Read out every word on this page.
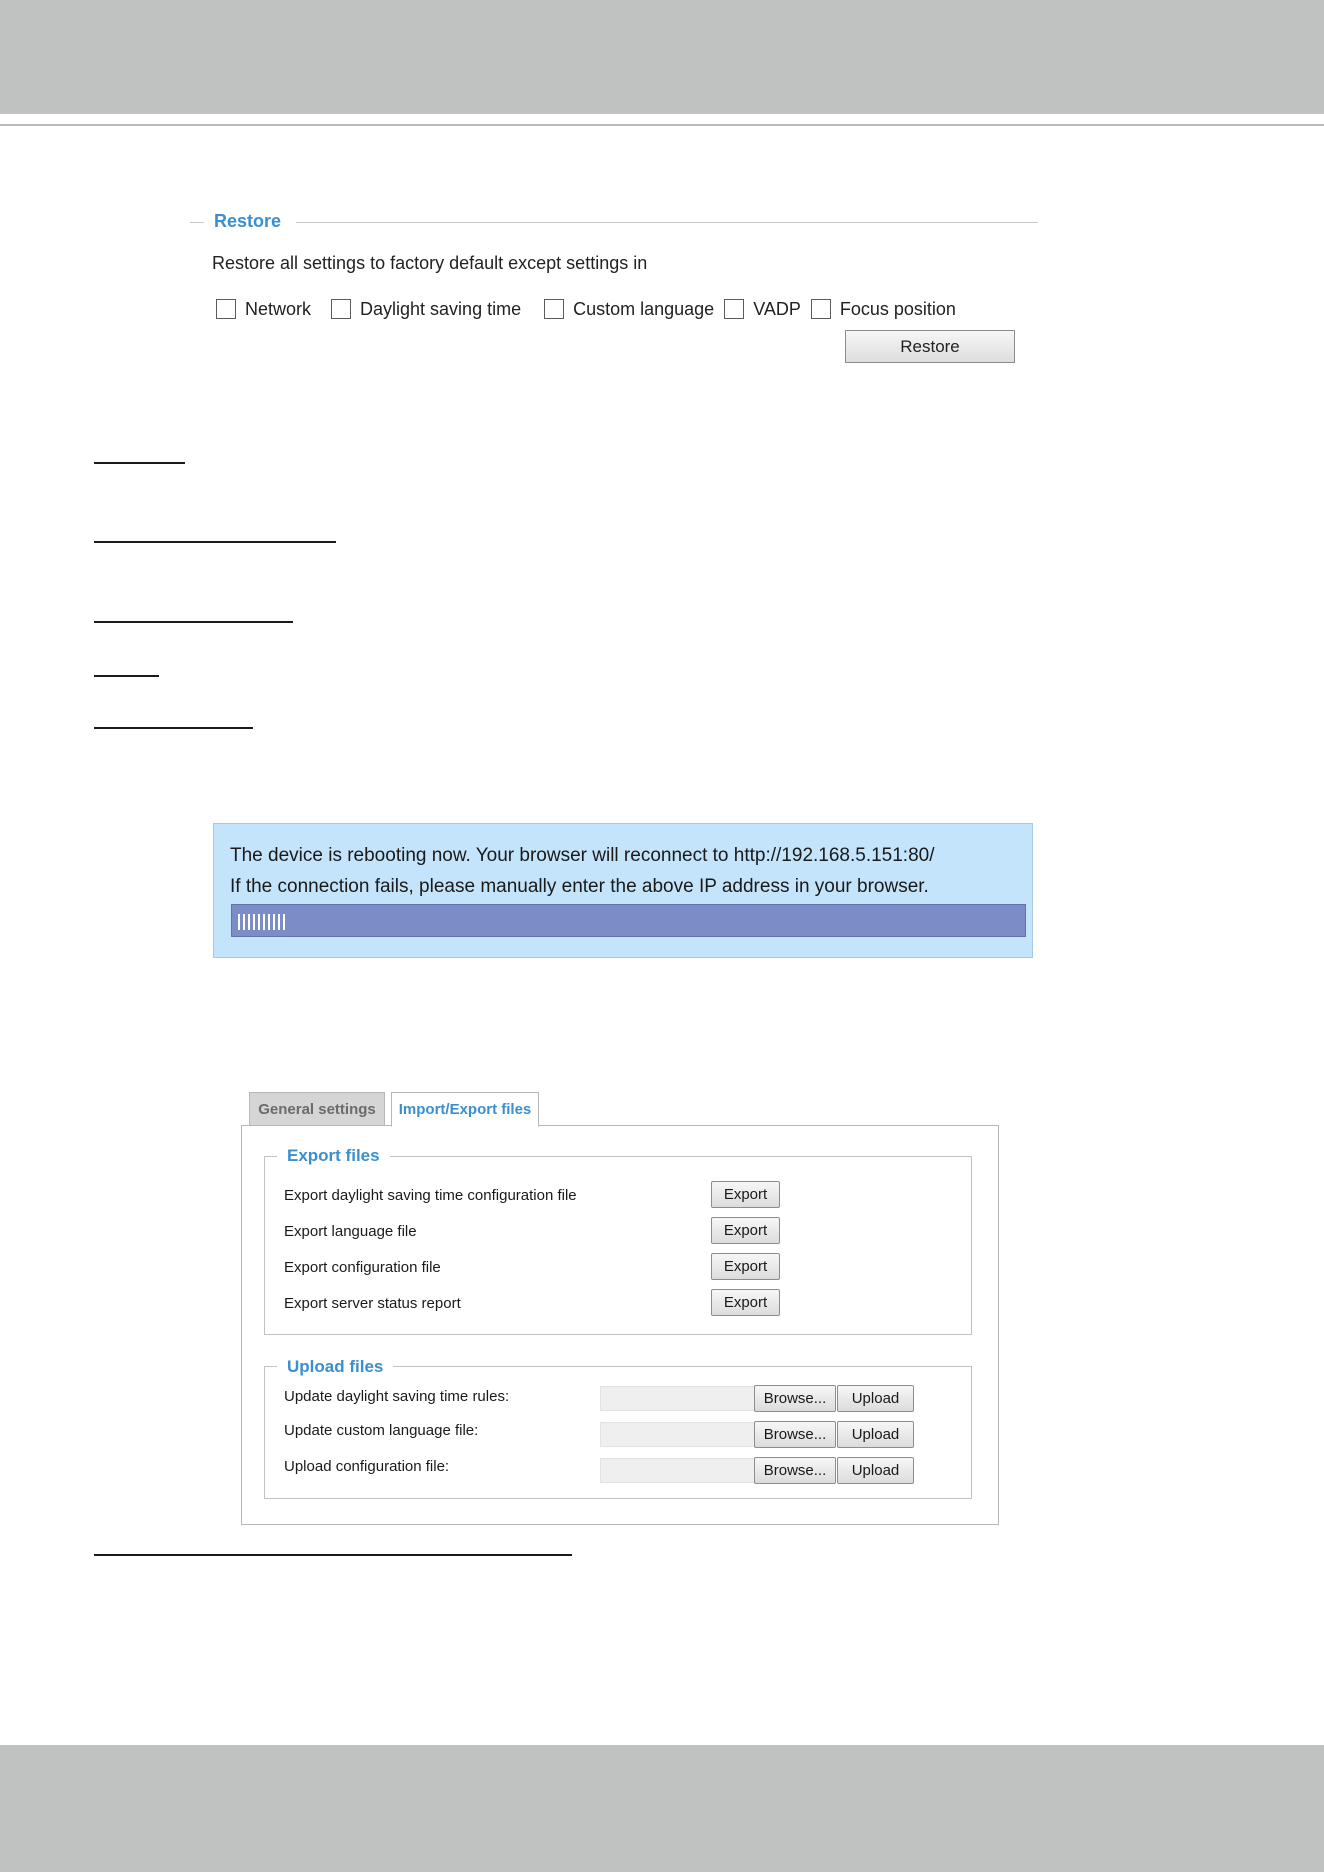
Restore
Restore all settings to factory default except settings in
Network	Daylight saving time	Custom language VADP Focus position
Restore
The device is rebooting now. Your browser will reconnect to http://192.168.5.151:80/
If the connection fails, please manually enter the above IP address in your browser.
General settings	Import/Export files
Export files
Export daylight saving time configuration file	Export
Export language file	Export
Export configuration file	Export
Export server status report	Export
Upload files
Update daylight saving time rules:	Browse...	Upload
Update custom language file:	Browse...	Upload
Upload configuration file:	Browse...	Upload
